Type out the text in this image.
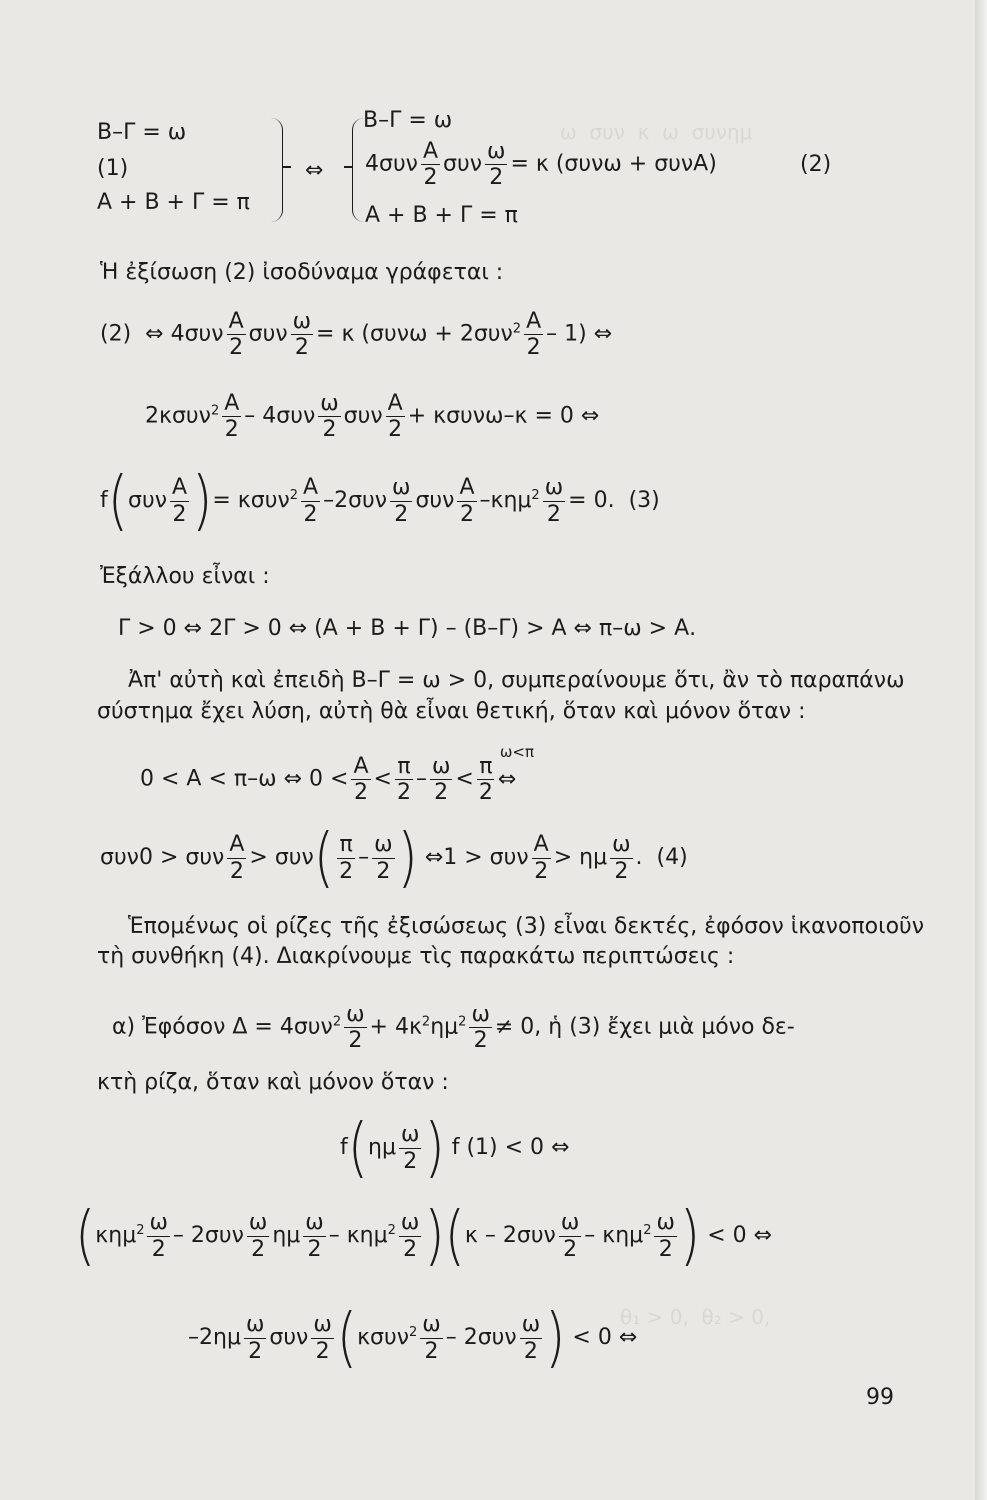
ω  συν  κ  ω  συνημ
θ₁ > 0,  θ₂ > 0,
Β–Γ = ω
(1)
Α + Β + Γ = π
⇔
Β–Γ = ω
$4\sigma\upsilon\nu \frac{A}{2}$ συν $\frac{\omega}{2} = \kappa$ (συνω + συνΑ)	(2)
Α + Β + Γ = π
Ἡ ἐξίσωση (2) ἰσοδύναμα γράφεται :
(2) ⇔ $4\sigma\upsilon\nu \frac{A}{2}$ συν $\frac{\omega}{2} = \kappa$ $(\sigma\upsilon\nu\omega + 2\sigma\upsilon\nu^2 \frac{A}{2} - 1)$ ⇔
$2\kappa\sigma\upsilon\nu^2 \frac{A}{2} - 4\sigma\upsilon\nu \frac{\omega}{2}$ συν $\frac{A}{2} + \kappa\sigma\upsilon\nu\omega-\kappa = 0$ ⇔
$f(\sigma\upsilon\nu \frac{A}{2}$ )= $\kappa\sigma\upsilon\nu^2 \frac{A}{2} -2\sigma\upsilon\nu \frac{\omega}{2}$ συν $\frac{A}{2} -\kappa\eta\mu^2 \frac{\omega}{2} = 0$. (3)
Ἐξάλλου εἶναι :
Γ > 0 ⇔ 2Γ > 0 ⇔ (Α + Β + Γ) – (Β–Γ) > Α ⇔ π–ω > Α.
Ἀπ' αὐτὴ καὶ ἐπειδὴ Β–Γ = ω > 0, συμπεραίνουμε ὅτι, ἂν τὸ παραπάνω
σύστημα ἔχει λύση, αὐτὴ θὰ εἶναι θετική, ὅταν καὶ μόνον ὅταν :
0 < Α < π–ω ⇔ $0 < \frac{A}{2} < \frac{\pi}{2} - \frac{\omega}{2} < \frac{\pi}{2}$
ω<π
⇔
συν0 > συν $\frac{A}{2} > \sigma\upsilon\nu( \frac{\pi}{2} - \frac{\omega}{2}$ ) ⇔1 > συν $\frac{A}{2} > \eta\mu \frac{\omega}{2}$ . (4)
Ἑπομένως οἱ ρίζες τῆς ἐξισώσεως (3) εἶναι δεκτές, ἐφόσον ἱκανοποιοῦν
τὴ συνθήκη (4). Διακρίνουμε τὶς παρακάτω περιπτώσεις :
α) Ἐφόσον $\Delta = 4\sigma\upsilon\nu^2 \frac{\omega}{2} + 4\kappa^2\eta\mu^2 \frac{\omega}{2} \ne 0$, ἡ (3) ἔχει μιὰ μόνο δε-
κτὴ ρίζα, ὅταν καὶ μόνον ὅταν :
$f(\eta\mu \frac{\omega}{2}$ ) f (1) < 0 ⇔
($\kappa\eta\mu^2 \frac{\omega}{2} - 2\sigma\upsilon\nu \frac{\omega}{2}$ ημ $\frac{\omega}{2} - \kappa\eta\mu^2 \frac{\omega}{2} )(\kappa - 2\sigma\upsilon\nu \frac{\omega}{2} - \kappa\eta\mu^2 \frac{\omega}{2}$ ) < 0 ⇔
$-2\eta\mu \frac{\omega}{2}$ συν $\frac{\omega}{2} (\kappa\sigma\upsilon\nu^2 \frac{\omega}{2} - 2\sigma\upsilon\nu \frac{\omega}{2}$ ) < 0 ⇔
99
